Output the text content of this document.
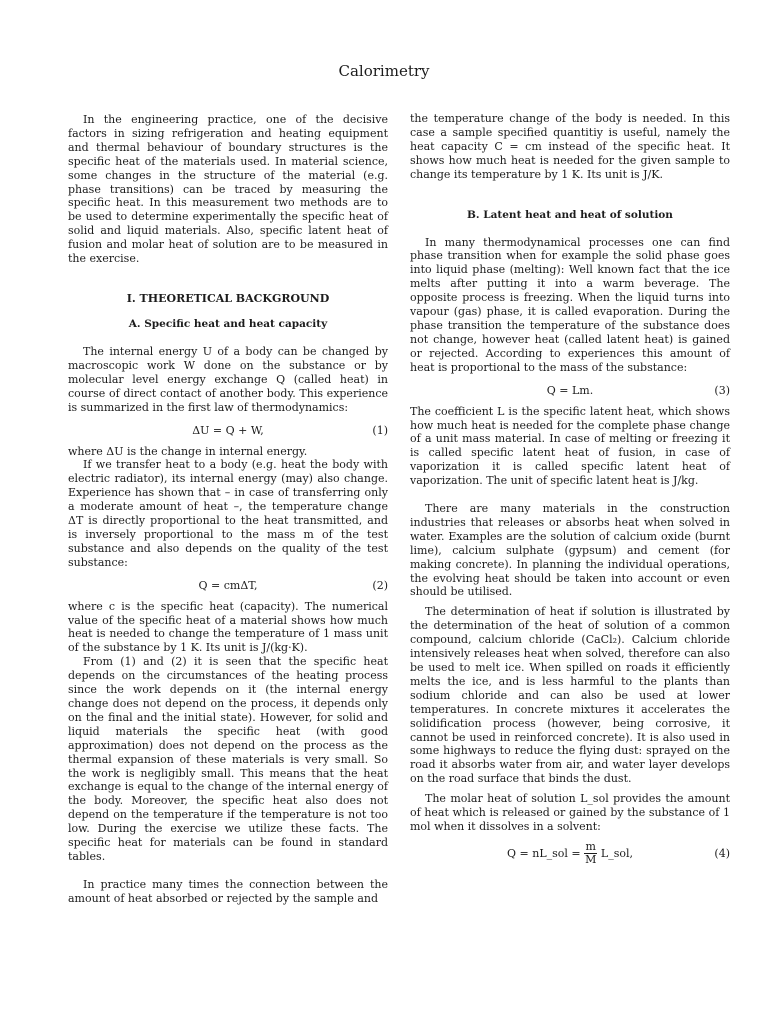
Calorimetry

In the engineering practice, one of the decisive factors in sizing refrigeration and heating equipment and thermal behaviour of boundary structures is the specific heat of the materials used. In material science, some changes in the structure of the material (e.g. phase transitions) can be traced by measuring the specific heat. In this measurement two methods are to be used to determine experimentally the specific heat of solid and liquid materials. Also, specific latent heat of fusion and molar heat of solution are to be measured in the exercise.

I. THEORETICAL BACKGROUND
A. Specific heat and heat capacity

The internal energy U of a body can be changed by macroscopic work W done on the substance or by molecular level energy exchange Q (called heat) in course of direct contact of another body. This experience is summarized in the first law of thermodynamics:

ΔU = Q + W,	(1)

where ΔU is the change in internal energy.

If we transfer heat to a body (e.g. heat the body with electric radiator), its internal energy (may) also change. Experience has shown that – in case of transferring only a moderate amount of heat –, the temperature change ΔT is directly proportional to the heat transmitted, and is inversely proportional to the mass m of the test substance and also depends on the quality of the test substance:

Q = cmΔT,	(2)

where c is the specific heat (capacity). The numerical value of the specific heat of a material shows how much heat is needed to change the temperature of 1 mass unit of the substance by 1 K. Its unit is J/(kg·K).

From (1) and (2) it is seen that the specific heat depends on the circumstances of the heating process since the work depends on it (the internal energy change does not depend on the process, it depends only on the final and the initial state). However, for solid and liquid materials the specific heat (with good approximation) does not depend on the process as the thermal expansion of these materials is very small. So the work is negligibly small. This means that the heat exchange is equal to the change of the internal energy of the body. Moreover, the specific heat also does not depend on the temperature if the temperature is not too low. During the exercise we utilize these facts. The specific heat for materials can be found in standard tables.

In practice many times the connection between the amount of heat absorbed or rejected by the sample and

the temperature change of the body is needed. In this case a sample specified quantitiy is useful, namely the heat capacity C = cm instead of the specific heat. It shows how much heat is needed for the given sample to change its temperature by 1 K. Its unit is J/K.

B. Latent heat and heat of solution

In many thermodynamical processes one can find phase transition when for example the solid phase goes into liquid phase (melting): Well known fact that the ice melts after putting it into a warm beverage. The opposite process is freezing. When the liquid turns into vapour (gas) phase, it is called evaporation. During the phase transition the temperature of the substance does not change, however heat (called latent heat) is gained or rejected. According to experiences this amount of heat is proportional to the mass of the substance:

Q = Lm.	(3)

The coefficient L is the specific latent heat, which shows how much heat is needed for the complete phase change of a unit mass material. In case of melting or freezing it is called specific latent heat of fusion, in case of vaporization it is called specific latent heat of vaporization. The unit of specific latent heat is J/kg.

There are many materials in the construction industries that releases or absorbs heat when solved in water. Examples are the solution of calcium oxide (burnt lime), calcium sulphate (gypsum) and cement (for making concrete). In planning the individual operations, the evolving heat should be taken into account or even should be utilised.

The determination of heat if solution is illustrated by the determination of the heat of solution of a common compound, calcium chloride (CaCl₂). Calcium chloride intensively releases heat when solved, therefore can also be used to melt ice. When spilled on roads it efficiently melts the ice, and is less harmful to the plants than sodium chloride and can also be used at lower temperatures. In concrete mixtures it accelerates the solidification process (however, being corrosive, it cannot be used in reinforced concrete). It is also used in some highways to reduce the flying dust: sprayed on the road it absorbs water from air, and water layer develops on the road surface that binds the dust.

The molar heat of solution L_sol provides the amount of heat which is released or gained by the substance of 1 mol when it dissolves in a solvent:

Q = nL_sol = $\frac{m}{M}$ L_sol,	(4)
